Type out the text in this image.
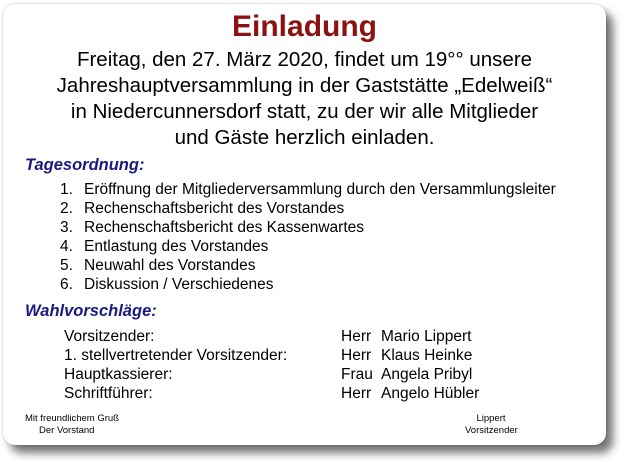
Einladung
Freitag, den 27. März 2020, findet um 19°° unsere
Jahreshauptversammlung in der Gaststätte „Edelweiß“
in Niedercunnersdorf statt, zu der wir alle Mitglieder
und Gäste herzlich einladen.
Tagesordnung:
1. Eröffnung der Mitgliederversammlung durch den Versammlungsleiter
2. Rechenschaftsbericht des Vorstandes
3. Rechenschaftsbericht des Kassenwartes
4. Entlastung des Vorstandes
5. Neuwahl des Vorstandes
6. Diskussion / Verschiedenes
Wahlvorschläge:
Vorsitzender:	Herr Mario Lippert
1. stellvertretender Vorsitzender:	Herr Klaus Heinke
Hauptkassierer:	Frau Angela Pribyl
Schriftführer:	Herr Angelo Hübler
Mit freundlichem Gruß
Der Vorstand
Lippert
Vorsitzender
